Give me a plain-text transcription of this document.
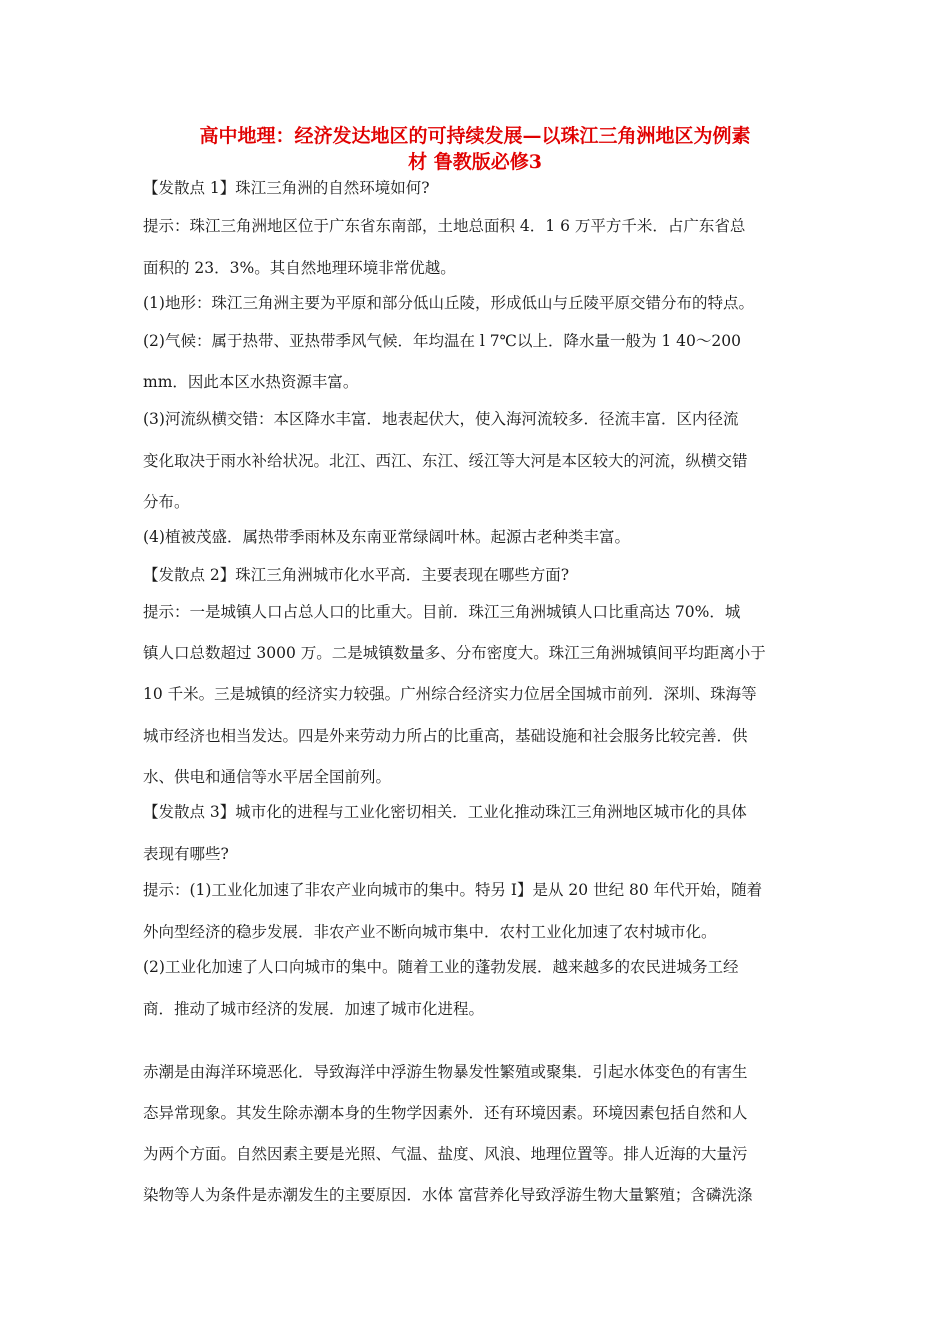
高中地理：经济发达地区的可持续发展—以珠江三角洲地区为例素
材 鲁教版必修3
【发散点 1】珠江三角洲的自然环境如何?
提示：珠江三角洲地区位于广东省东南部，土地总面积 4．1 6 万平方千米．占广东省总
面积的 23．3%。其自然地理环境非常优越。
(1)地形：珠江三角洲主要为平原和部分低山丘陵，形成低山与丘陵平原交错分布的特点。
(2)气候：属于热带、亚热带季风气候．年均温在 l 7℃以上．降水量一般为 1 40～200
mm．因此本区水热资源丰富。
(3)河流纵横交错：本区降水丰富．地表起伏大，使入海河流较多．径流丰富．区内径流
变化取决于雨水补给状况。北江、西江、东江、绥江等大河是本区较大的河流，纵横交错
分布。
(4)植被茂盛．属热带季雨林及东南亚常绿阔叶林。起源古老种类丰富。
【发散点 2】珠江三角洲城市化水平高．主要表现在哪些方面?
提示：一是城镇人口占总人口的比重大。目前．珠江三角洲城镇人口比重高达 70%．城
镇人口总数超过 3000 万。二是城镇数量多、分布密度大。珠江三角洲城镇间平均距离小于
10 千米。三是城镇的经济实力较强。广州综合经济实力位居全国城市前列．深圳、珠海等
城市经济也相当发达。四是外来劳动力所占的比重高，基础设施和社会服务比较完善．供
水、供电和通信等水平居全国前列。
【发散点 3】城市化的进程与工业化密切相关．工业化推动珠江三角洲地区城市化的具体
表现有哪些?
提示：(1)工业化加速了非农产业向城市的集中。特另 I】是从 20 世纪 80 年代开始，随着
外向型经济的稳步发展．非农产业不断向城市集中．农村工业化加速了农村城市化。
(2)工业化加速了人口向城市的集中。随着工业的蓬勃发展．越来越多的农民进城务工经
商．推动了城市经济的发展．加速了城市化进程。
赤潮是由海洋环境恶化．导致海洋中浮游生物暴发性繁殖或聚集．引起水体变色的有害生
态异常现象。其发生除赤潮本身的生物学因素外．还有环境因素。环境因素包括自然和人
为两个方面。自然因素主要是光照、气温、盐度、风浪、地理位置等。排人近海的大量污
染物等人为条件是赤潮发生的主要原因．水体 富营养化导致浮游生物大量繁殖；含磷洗涤
